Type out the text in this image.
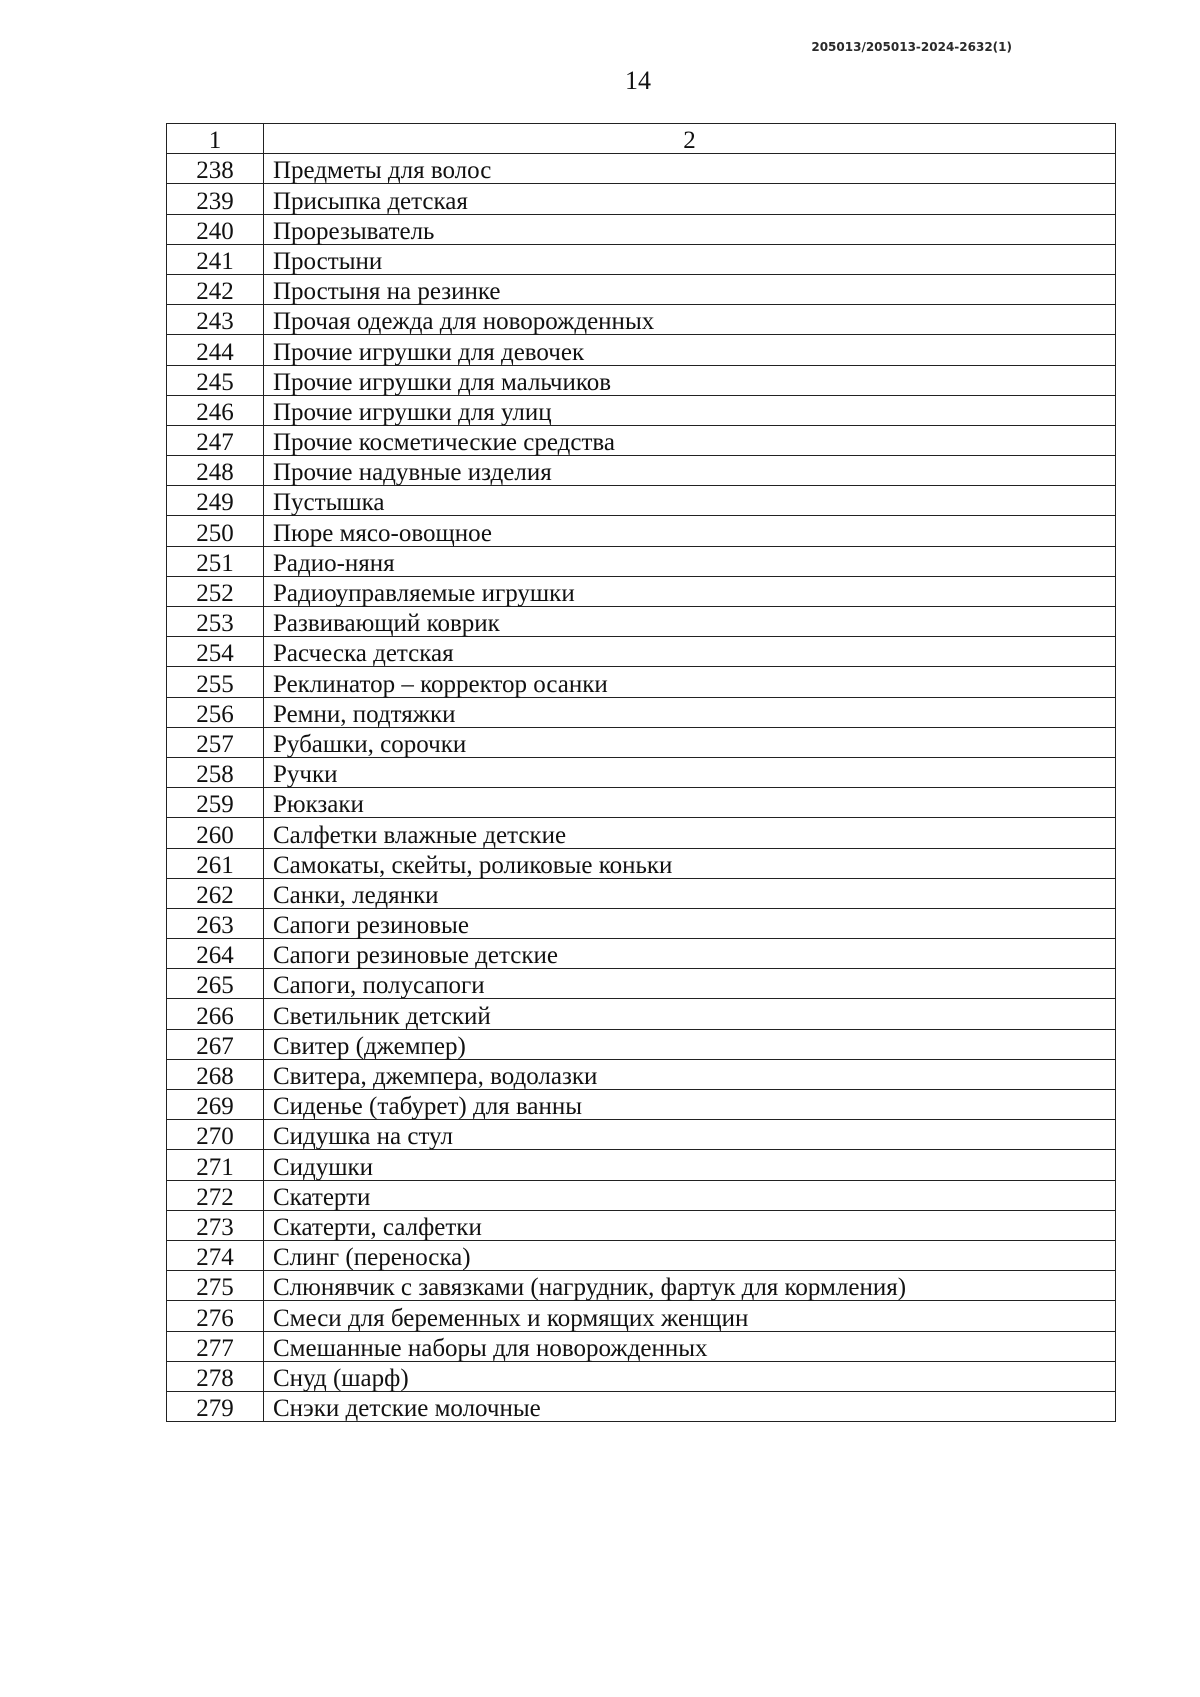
205013/205013-2024-2632(1)
14
1	2
238	Предметы для волос
239	Присыпка детская
240	Прорезыватель
241	Простыни
242	Простыня на резинке
243	Прочая одежда для новорожденных
244	Прочие игрушки для девочек
245	Прочие игрушки для мальчиков
246	Прочие игрушки для улиц
247	Прочие косметические средства
248	Прочие надувные изделия
249	Пустышка
250	Пюре мясо-овощное
251	Радио-няня
252	Радиоуправляемые игрушки
253	Развивающий коврик
254	Расческа детская
255	Реклинатор – корректор осанки
256	Ремни, подтяжки
257	Рубашки, сорочки
258	Ручки
259	Рюкзаки
260	Салфетки влажные детские
261	Самокаты, скейты, роликовые коньки
262	Санки, ледянки
263	Сапоги резиновые
264	Сапоги резиновые детские
265	Сапоги, полусапоги
266	Светильник детский
267	Свитер (джемпер)
268	Свитера, джемпера, водолазки
269	Сиденье (табурет) для ванны
270	Сидушка на стул
271	Сидушки
272	Скатерти
273	Скатерти, салфетки
274	Слинг (переноска)
275	Слюнявчик с завязками (нагрудник, фартук для кормления)
276	Смеси для беременных и кормящих женщин
277	Смешанные наборы для новорожденных
278	Снуд (шарф)
279	Снэки детские молочные
